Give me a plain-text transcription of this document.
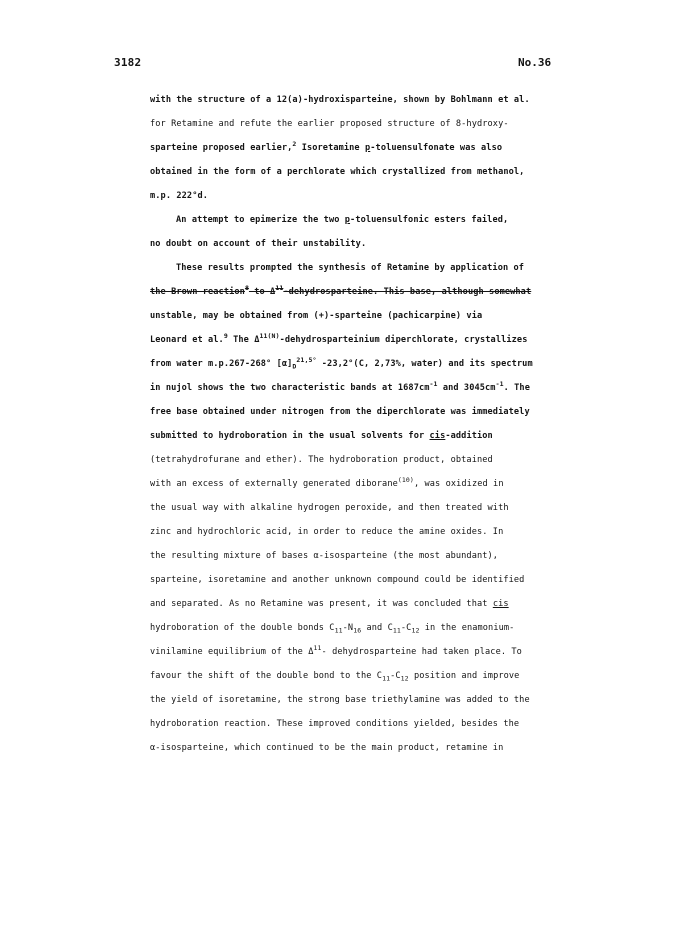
3182	No.36
with the structure of a 12(a)-hydroxisparteine, shown by Bohlmann et al.
for Retamine and refute the earlier proposed structure of 8-hydroxy-
sparteine proposed earlier,$^2$ Isoretamine p-toluensulfonate was also
obtained in the form of a perchlorate which crystallized from methanol,
m.p. 222°d.
An attempt to epimerize the two p-toluensulfonic esters failed,
no doubt on account of their unstability.
These results prompted the synthesis of Retamine by application of
the Brown reaction$^8$ to $\Delta^{11}$-dehydrosparteine. This base, although somewhat
unstable, may be obtained from (+)-sparteine (pachicarpine) via
Leonard et al.$^9$ The $\Delta^{11(N)}$-dehydrosparteinium diperchlorate, crystallizes
from water m.p.267-268° $[\alpha]_D^{21,5^\circ}$ -23,2°(C, 2,73%, water) and its spectrum
in nujol shows the two characteristic bands at $1687cm^{-1}$ and $3045cm^{-1}$. The
free base obtained under nitrogen from the diperchlorate was immediately
submitted to hydroboration in the usual solvents for cis-addition
(tetrahydrofurane and ether). The hydroboration product, obtained
with an excess of externally generated diborane$^{(10)}$, was oxidized in
the usual way with alkaline hydrogen peroxide, and then treated with
zinc and hydrochloric acid, in order to reduce the amine oxides. In
the resulting mixture of bases α-isosparteine (the most abundant),
sparteine, isoretamine and another unknown compound could be identified
and separated. As no Retamine was present, it was concluded that cis
hydroboration of the double bonds $C_{11}-N_{16}$ and $C_{11}-C_{12}$ in the enamonium-
vinilamine equilibrium of the $\Delta^{11}-$ dehydrosparteine had taken place. To
favour the shift of the double bond to the $C_{11}-C_{12}$ position and improve
the yield of isoretamine, the strong base triethylamine was added to the
hydroboration reaction. These improved conditions yielded, besides the
α-isosparteine, which continued to be the main product, retamine in
